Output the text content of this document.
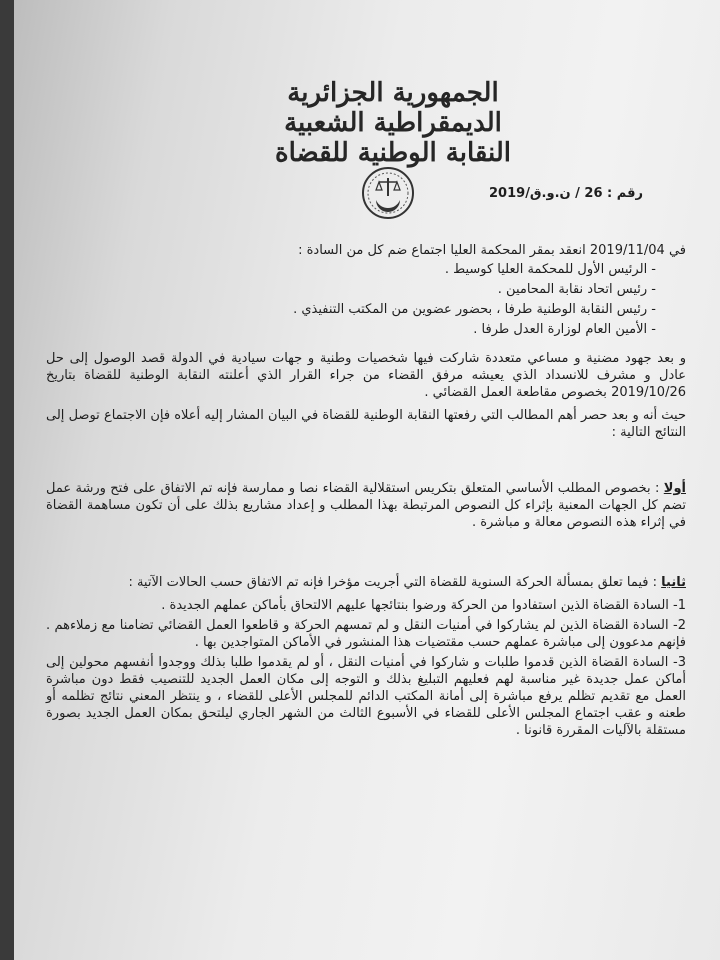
الجمهورية الجزائرية
الديمقراطية الشعبية
النقابة الوطنية للقضاة
رقم : 26 / ن.و.ق/2019

في 2019/11/04 انعقد بمقر المحكمة العليا اجتماع ضم كل من السادة :

- الرئيس الأول للمحكمة العليا كوسيط .
- رئيس اتحاد نقابة المحامين .
- رئيس النقابة الوطنية طرفا ، بحضور عضوين من المكتب التنفيذي .
- الأمين العام لوزارة العدل طرفا .

و بعد جهود مضنية و مساعي متعددة شاركت فيها شخصيات وطنية و جهات سيادية في الدولة قصد الوصول إلى حل عادل و مشرف للانسداد الذي يعيشه مرفق القضاء من جراء القرار الذي أعلنته النقابة الوطنية للقضاة بتاريخ 2019/10/26 بخصوص مقاطعة العمل القضائي .

حيث أنه و بعد حصر أهم المطالب التي رفعتها النقابة الوطنية للقضاة في البيان المشار إليه أعلاه فإن الاجتماع توصل إلى النتائج التالية :

أولا : بخصوص المطلب الأساسي المتعلق بتكريس استقلالية القضاء نصا و ممارسة فإنه تم الاتفاق على فتح ورشة عمل تضم كل الجهات المعنية بإثراء كل النصوص المرتبطة بهذا المطلب و إعداد مشاريع بذلك على أن تكون مساهمة القضاة في إثراء هذه النصوص معالة و مباشرة .

ثانيا : فيما تعلق بمسألة الحركة السنوية للقضاة التي أجريت مؤخرا فإنه تم الاتفاق حسب الحالات الآتية :

1- السادة القضاة الذين استفادوا من الحركة ورضوا بنتائجها عليهم الالتحاق بأماكن عملهم الجديدة .

2- السادة القضاة الذين لم يشاركوا في أمنيات النقل و لم تمسهم الحركة و قاطعوا العمل القضائي تضامنا مع زملاءهم . فإنهم مدعوون إلى مباشرة عملهم حسب مقتضيات هذا المنشور في الأماكن المتواجدين بها .

3- السادة القضاة الذين قدموا طلبات و شاركوا في أمنيات النقل ، أو لم يقدموا طلبا بذلك ووجدوا أنفسهم محولين إلى أماكن عمل جديدة غير مناسبة لهم فعليهم التبليغ بذلك و التوجه إلى مكان العمل الجديد للتنصيب فقط دون مباشرة العمل مع تقديم تظلم يرفع مباشرة إلى أمانة المكتب الدائم للمجلس الأعلى للقضاء ، و ينتظر المعني نتائج تظلمه أو طعنه و عقب اجتماع المجلس الأعلى للقضاء في الأسبوع الثالث من الشهر الجاري ليلتحق بمكان العمل الجديد بصورة مستقلة بالآليات المقررة قانونا .
